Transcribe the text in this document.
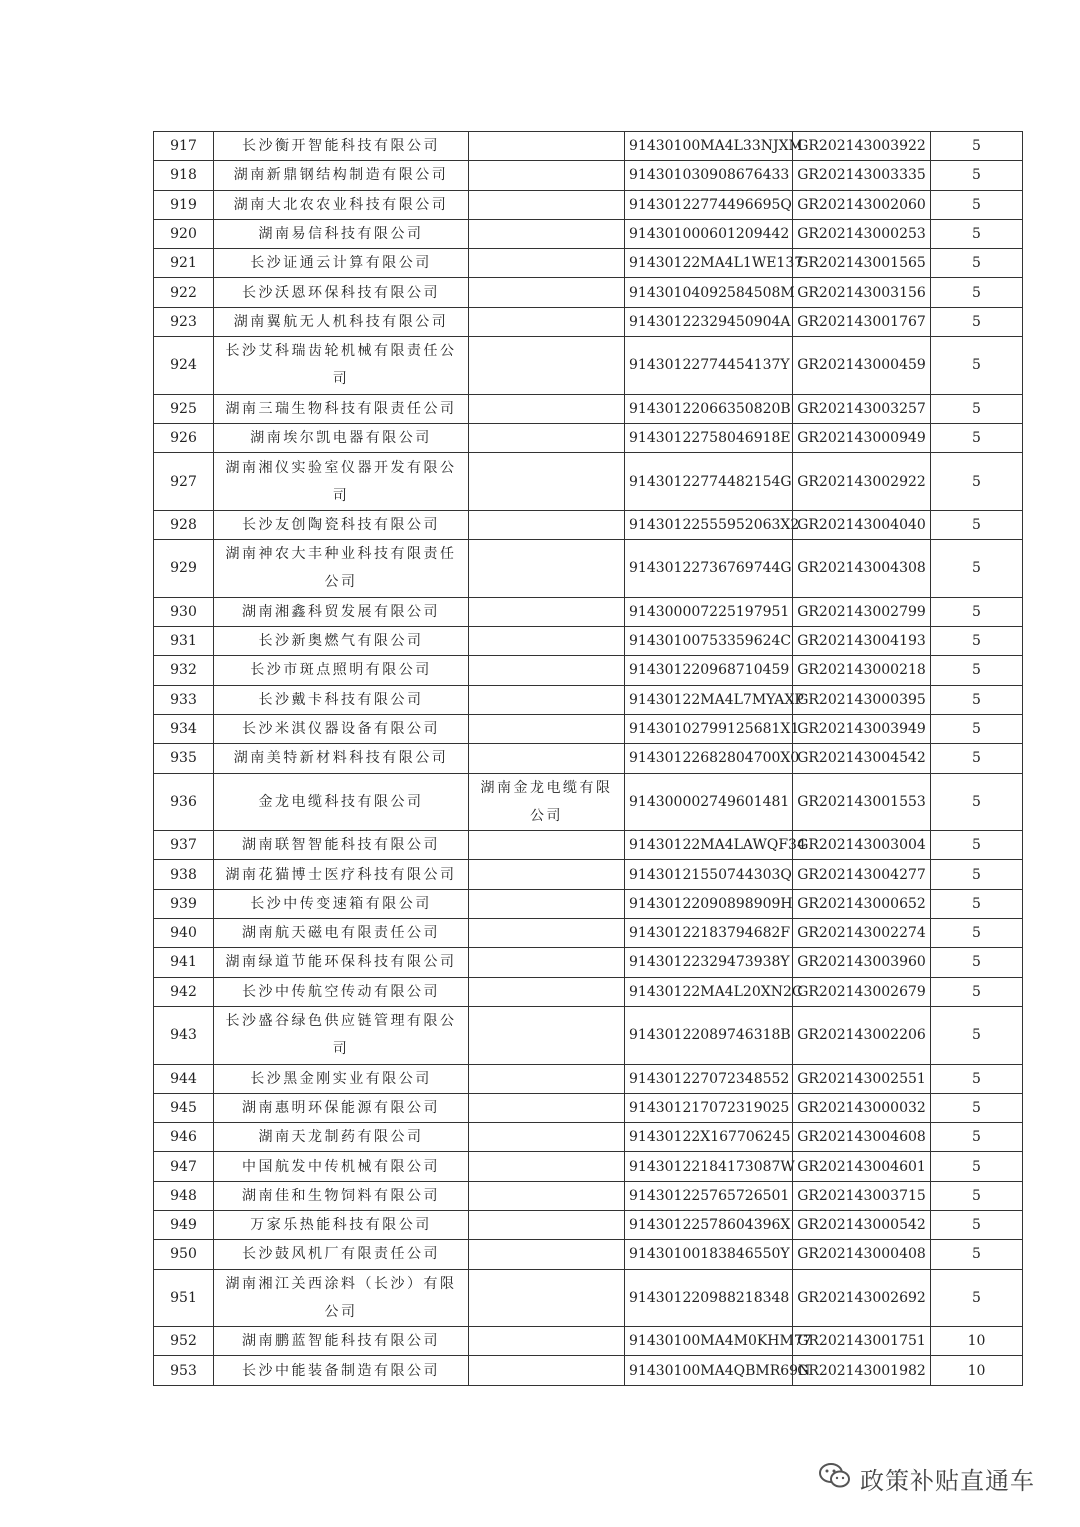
917	长沙衡开智能科技有限公司		91430100MA4L33NJXM	GR202143003922	5
918	湖南新鼎钢结构制造有限公司		914301030908676433	GR202143003335	5
919	湖南大北农农业科技有限公司		91430122774496695Q	GR202143002060	5
920	湖南易信科技有限公司		914301000601209442	GR202143000253	5
921	长沙证通云计算有限公司		91430122MA4L1WE137	GR202143001565	5
922	长沙沃恩环保科技有限公司		91430104092584508M	GR202143003156	5
923	湖南翼航无人机科技有限公司		91430122329450904A	GR202143001767	5
924	长沙艾科瑞齿轮机械有限责任公司		91430122774454137Y	GR202143000459	5
925	湖南三瑞生物科技有限责任公司		91430122066350820B	GR202143003257	5
926	湖南埃尔凯电器有限公司		91430122758046918E	GR202143000949	5
927	湖南湘仪实验室仪器开发有限公司		91430122774482154G	GR202143002922	5
928	长沙友创陶瓷科技有限公司		91430122555952063X2	GR202143004040	5
929	湖南神农大丰种业科技有限责任公司		91430122736769744G	GR202143004308	5
930	湖南湘鑫科贸发展有限公司		914300007225197951	GR202143002799	5
931	长沙新奥燃气有限公司		91430100753359624C	GR202143004193	5
932	长沙市斑点照明有限公司		914301220968710459	GR202143000218	5
933	长沙戴卡科技有限公司		91430122MA4L7MYAXP	GR202143000395	5
934	长沙米淇仪器设备有限公司		91430102799125681X1	GR202143003949	5
935	湖南美特新材料科技有限公司		91430122682804700X0	GR202143004542	5
936	金龙电缆科技有限公司	湖南金龙电缆有限公司	914300002749601481	GR202143001553	5
937	湖南联智智能科技有限公司		91430122MA4LAWQF34	GR202143003004	5
938	湖南花猫博士医疗科技有限公司		91430121550744303Q	GR202143004277	5
939	长沙中传变速箱有限公司		91430122090898909H	GR202143000652	5
940	湖南航天磁电有限责任公司		91430122183794682F	GR202143002274	5
941	湖南绿道节能环保科技有限公司		91430122329473938Y	GR202143003960	5
942	长沙中传航空传动有限公司		91430122MA4L20XN2C	GR202143002679	5
943	长沙盛谷绿色供应链管理有限公司		91430122089746318B	GR202143002206	5
944	长沙黑金刚实业有限公司		914301227072348552	GR202143002551	5
945	湖南惠明环保能源有限公司		914301217072319025	GR202143000032	5
946	湖南天龙制药有限公司		91430122X167706245	GR202143004608	5
947	中国航发中传机械有限公司		91430122184173087W	GR202143004601	5
948	湖南佳和生物饲料有限公司		914301225765726501	GR202143003715	5
949	万家乐热能科技有限公司		91430122578604396X	GR202143000542	5
950	长沙鼓风机厂有限责任公司		91430100183846550Y	GR202143000408	5
951	湖南湘江关西涂料（长沙）有限公司		914301220988218348	GR202143002692	5
952	湖南鹏蓝智能科技有限公司		91430100MA4M0KHM77	GR202143001751	10
953	长沙中能装备制造有限公司		91430100MA4QBMR69N	GR202143001982	10
政策补贴直通车
